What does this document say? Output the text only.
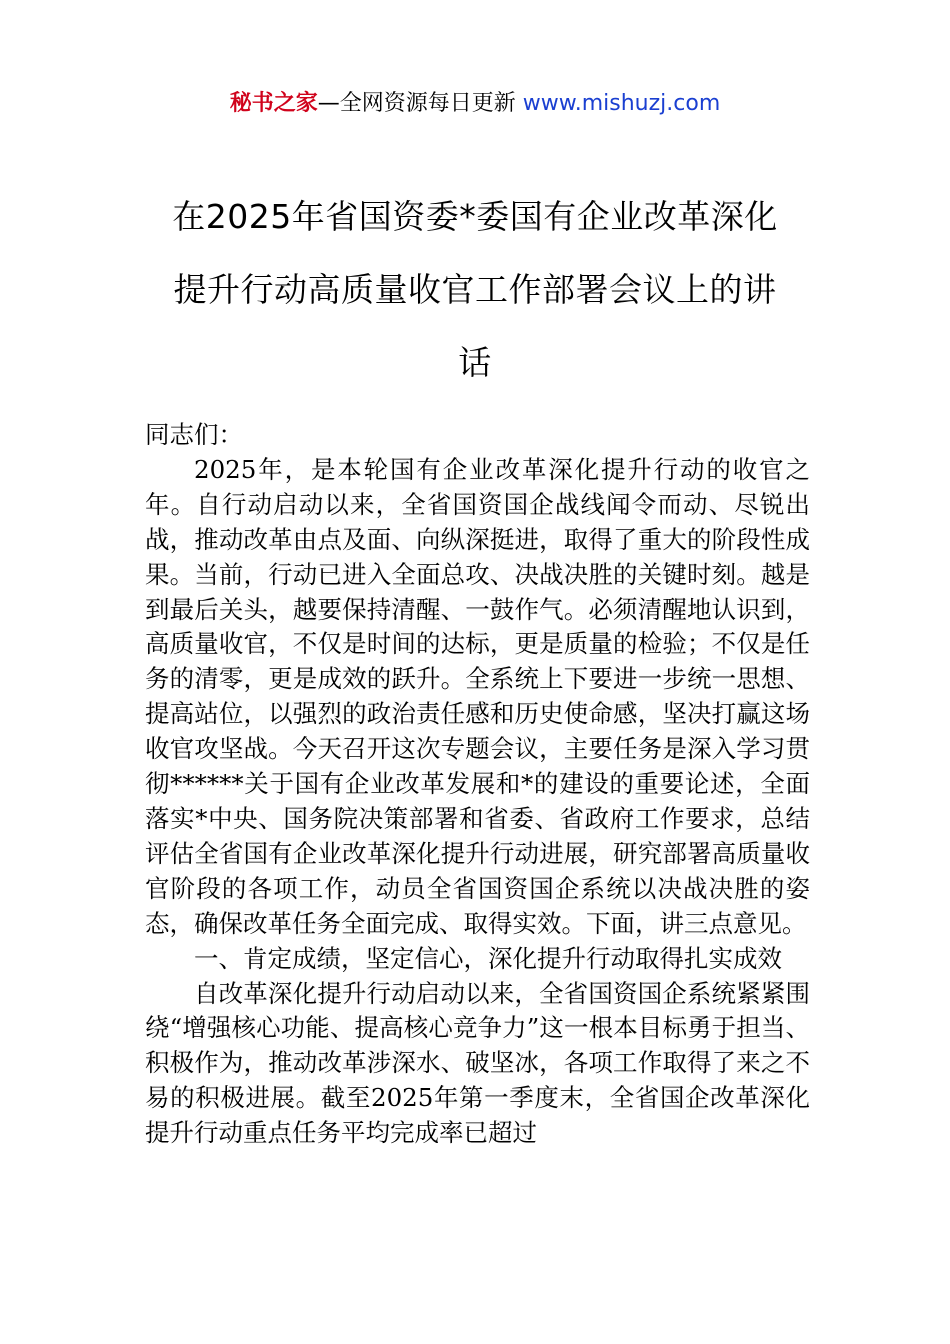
秘书之家—全网资源每日更新 www.mishuzj.com
在2025年省国资委*委国有企业改革深化
提升行动高质量收官工作部署会议上的讲
话

同志们：

2025年，是本轮国有企业改革深化提升行动的收官之年。自行动启动以来，全省国资国企战线闻令而动、尽锐出战，推动改革由点及面、向纵深挺进，取得了重大的阶段性成果。当前，行动已进入全面总攻、决战决胜的关键时刻。越是到最后关头，越要保持清醒、一鼓作气。必须清醒地认识到，高质量收官，不仅是时间的达标，更是质量的检验；不仅是任务的清零，更是成效的跃升。全系统上下要进一步统一思想、提高站位，以强烈的政治责任感和历史使命感，坚决打赢这场收官攻坚战。今天召开这次专题会议，主要任务是深入学习贯彻******关于国有企业改革发展和*的建设的重要论述，全面落实*中央、国务院决策部署和省委、省政府工作要求，总结评估全省国有企业改革深化提升行动进展，研究部署高质量收官阶段的各项工作，动员全省国资国企系统以决战决胜的姿态，确保改革任务全面完成、取得实效。下面，讲三点意见。

一、肯定成绩，坚定信心，深化提升行动取得扎实成效

自改革深化提升行动启动以来，全省国资国企系统紧紧围绕“增强核心功能、提高核心竞争力”这一根本目标勇于担当、积极作为，推动改革涉深水、破坚冰，各项工作取得了来之不易的积极进展。截至2025年第一季度末，全省国企改革深化提升行动重点任务平均完成率已超过
